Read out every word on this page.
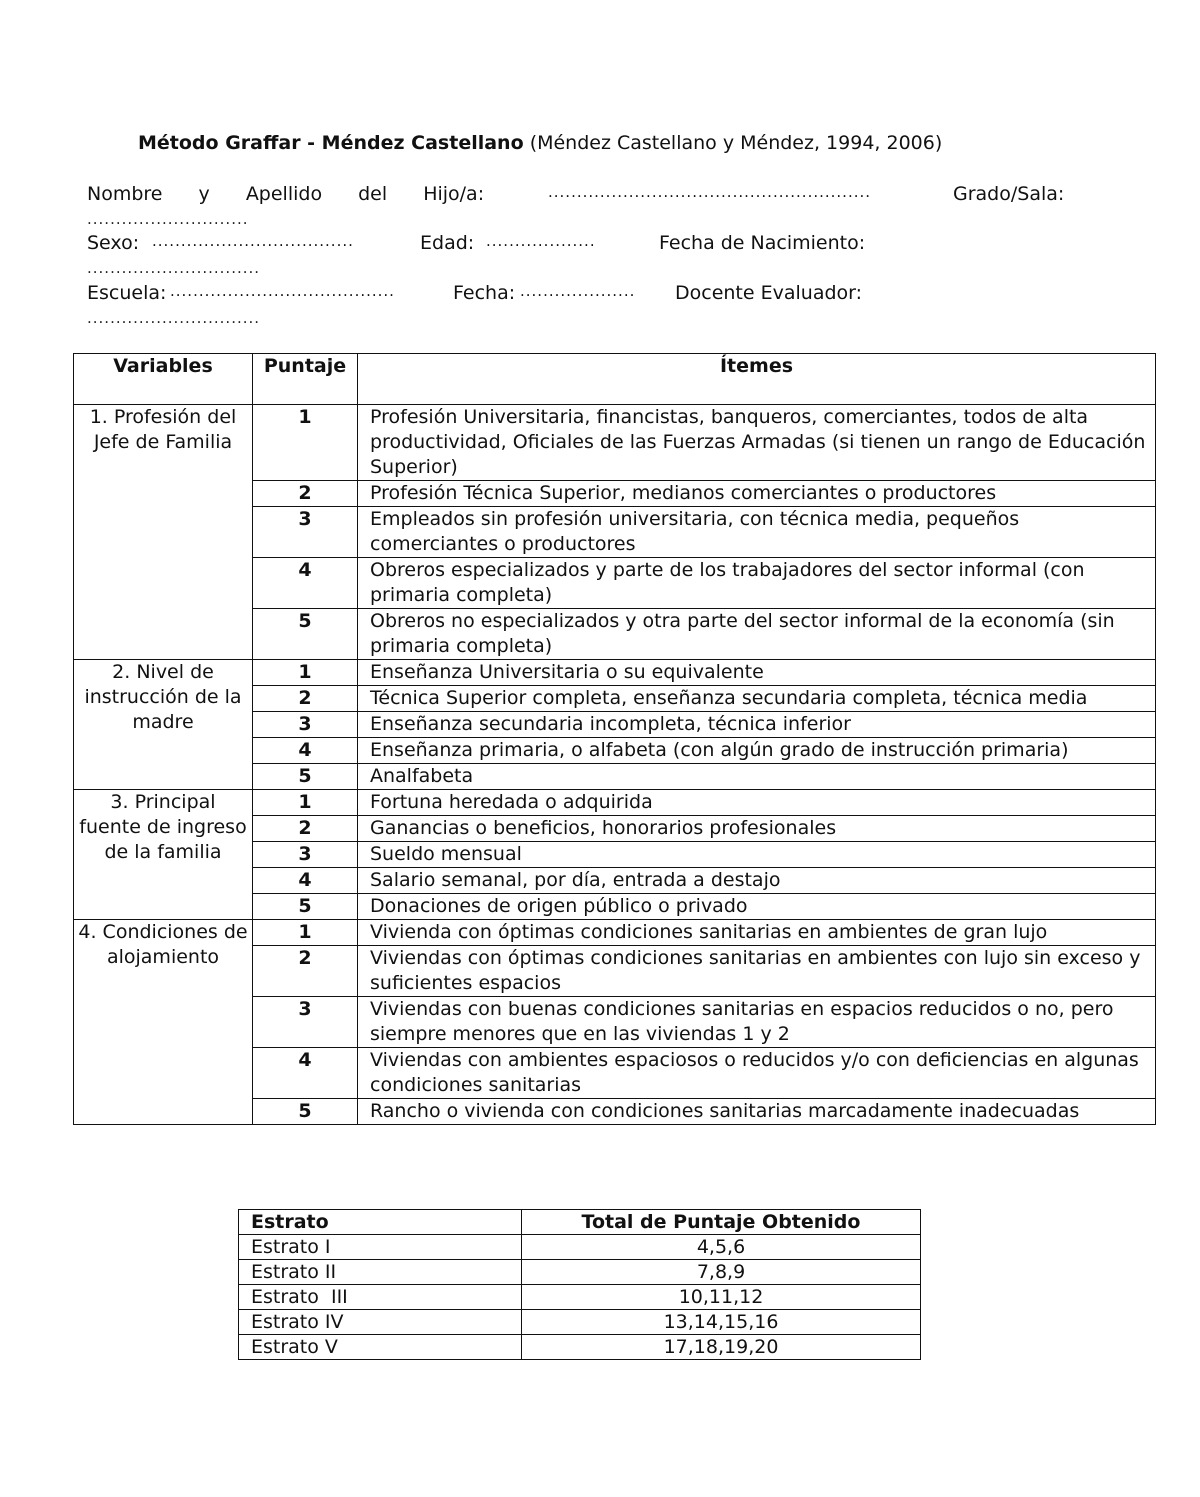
Método Graffar - Méndez Castellano (Méndez Castellano y Méndez, 1994, 2006)
Nombre y Apellido del Hijo/a:	........................................................	Grado/Sala:
............................
Sexo: ...................................	Edad: ...................	Fecha de Nacimiento:
..............................
Escuela: .......................................	Fecha: .................... Docente Evaluador:
..............................
Variables	Puntaje	Ítemes
1. Profesión del Jefe de Familia	1	Profesión Universitaria, financistas, banqueros, comerciantes, todos de alta productividad, Oficiales de las Fuerzas Armadas (si tienen un rango de Educación Superior)
	2	Profesión Técnica Superior, medianos comerciantes o productores
	3	Empleados sin profesión universitaria, con técnica media, pequeños comerciantes o productores
	4	Obreros especializados y parte de los trabajadores del sector informal (con primaria completa)
	5	Obreros no especializados y otra parte del sector informal de la economía (sin primaria completa)
2. Nivel de instrucción de la madre	1	Enseñanza Universitaria o su equivalente
	2	Técnica Superior completa, enseñanza secundaria completa, técnica media
	3	Enseñanza secundaria incompleta, técnica inferior
	4	Enseñanza primaria, o alfabeta (con algún grado de instrucción primaria)
	5	Analfabeta
3. Principal fuente de ingreso de la familia	1	Fortuna heredada o adquirida
	2	Ganancias o beneficios, honorarios profesionales
	3	Sueldo mensual
	4	Salario semanal, por día, entrada a destajo
	5	Donaciones de origen público o privado
4. Condiciones de alojamiento	1	Vivienda con óptimas condiciones sanitarias en ambientes de gran lujo
	2	Viviendas con óptimas condiciones sanitarias en ambientes con lujo sin exceso y suficientes espacios
	3	Viviendas con buenas condiciones sanitarias en espacios reducidos o no, pero siempre menores que en las viviendas 1 y 2
	4	Viviendas con ambientes espaciosos o reducidos y/o con deficiencias en algunas condiciones sanitarias
	5	Rancho o vivienda con condiciones sanitarias marcadamente inadecuadas
Estrato	Total de Puntaje Obtenido
Estrato I	4,5,6
Estrato II	7,8,9
Estrato  III	10,11,12
Estrato IV	13,14,15,16
Estrato V	17,18,19,20
